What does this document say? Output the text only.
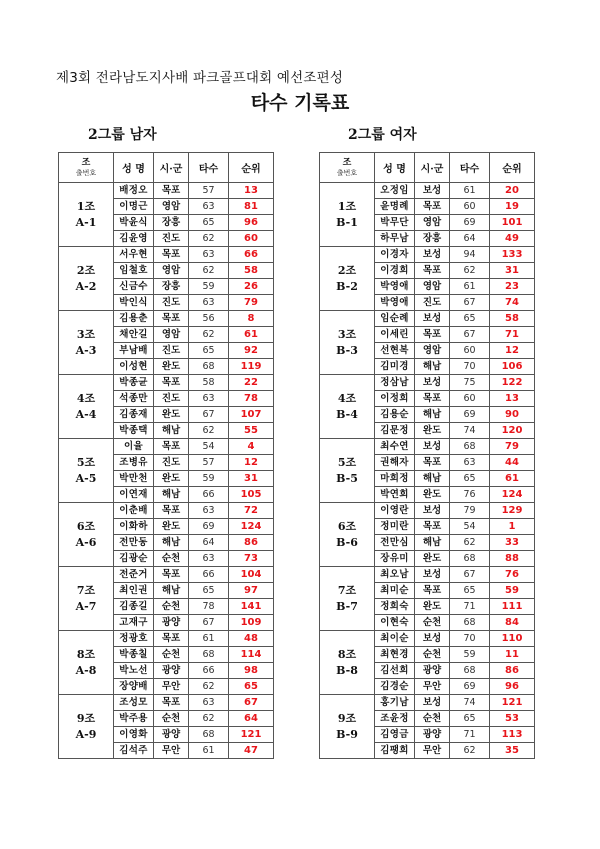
제3회 전라남도지사배 파크골프대회 예선조편성
타수 기록표
2그룹 남자	2그룹 여자
조
출번호	성 명	시·군	타수	순위

1조
A-1	배정오	목포	57	13
	이명근	영암	63	81
	박윤식	장흥	65	96
	김윤영	진도	62	60

2조
A-2	서우현	목포	63	66
	임철호	영암	62	58
	신금수	장흥	59	26
	박인식	진도	63	79

3조
A-3	김용춘	목포	56	8
	채안길	영암	62	61
	부남배	진도	65	92
	이성현	완도	68	119

4조
A-4	박종균	목포	58	22
	석종만	진도	63	78
	김종재	완도	67	107
	박종택	해남	62	55

5조
A-5	이율	목포	54	4
	조병유	진도	57	12
	박만천	완도	59	31
	이연재	해남	66	105

6조
A-6	이춘배	목포	63	72
	이화하	완도	69	124
	전만동	해남	64	86
	김광순	순천	63	73

7조
A-7	전준거	목포	66	104
	최인권	해남	65	97
	김종길	순천	78	141
	고재구	광양	67	109

8조
A-8	정광호	목포	61	48
	박종칠	순천	68	114
	박노선	광양	66	98
	장양배	무안	62	65

9조
A-9	조성모	목포	63	67
	박주용	순천	62	64
	이영화	광양	68	121
	김석주	무안	61	47
조
출번호	성 명	시·군	타수	순위

1조
B-1	오정임	보성	61	20
	윤명례	목포	60	19
	박무단	영암	69	101
	하무남	장흥	64	49

2조
B-2	이경자	보성	94	133
	이경희	목포	62	31
	박영애	영암	61	23
	박영애	진도	67	74

3조
B-3	임순례	보성	65	58
	이세린	목포	67	71
	선현복	영암	60	12
	김미경	해남	70	106

4조
B-4	정삼남	보성	75	122
	이정희	목포	60	13
	김용순	해남	69	90
	김문정	완도	74	120

5조
B-5	최수연	보성	68	79
	권해자	목포	63	44
	마희정	해남	65	61
	박연희	완도	76	124

6조
B-6	이영란	보성	79	129
	정미란	목포	54	1
	전만심	해남	62	33
	장유미	완도	68	88

7조
B-7	최오남	보성	67	76
	최미순	목포	65	59
	정희숙	완도	71	111
	이현숙	순천	68	84

8조
B-8	최이순	보성	70	110
	최현경	순천	59	11
	김선희	광양	68	86
	김경순	무안	69	96

9조
B-9	홍기남	보성	74	121
	조윤정	순천	65	53
	김영금	광양	71	113
	김팽희	무안	62	35
